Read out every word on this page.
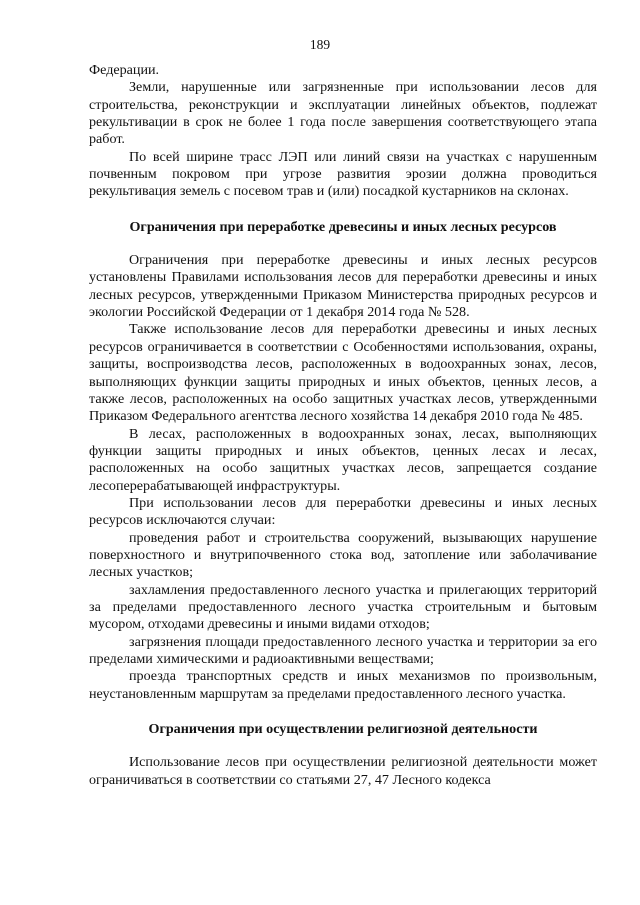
189

Федерации.

Земли, нарушенные или загрязненные при использовании лесов для строительства, реконструкции и эксплуатации линейных объектов, подлежат рекультивации в срок не более 1 года после завершения соответствующего этапа работ.

По всей ширине трасс ЛЭП или линий связи на участках с нарушенным почвенным покровом при угрозе развития эрозии должна проводиться рекультивация земель с посевом трав и (или) посадкой кустарников на склонах.

Ограничения при переработке древесины и иных лесных ресурсов

Ограничения при переработке древесины и иных лесных ресурсов установлены Правилами использования лесов для переработки древесины и иных лесных ресурсов, утвержденными Приказом Министерства природных ресурсов и экологии Российской Федерации от 1 декабря 2014 года № 528.

Также использование лесов для переработки древесины и иных лесных ресурсов ограничивается в соответствии с Особенностями использования, охраны, защиты, воспроизводства лесов, расположенных в водоохранных зонах, лесов, выполняющих функции защиты природных и иных объектов, ценных лесов, а также лесов, расположенных на особо защитных участках лесов, утвержденными Приказом Федерального агентства лесного хозяйства 14 декабря 2010 года № 485.

В лесах, расположенных в водоохранных зонах, лесах, выполняющих функции защиты природных и иных объектов, ценных лесах и лесах, расположенных на особо защитных участках лесов, запрещается создание лесоперерабатывающей инфраструктуры.

При использовании лесов для переработки древесины и иных лесных ресурсов исключаются случаи:

проведения работ и строительства сооружений, вызывающих нарушение поверхностного и внутрипочвенного стока вод, затопление или заболачивание лесных участков;

захламления предоставленного лесного участка и прилегающих территорий за пределами предоставленного лесного участка строительным и бытовым мусором, отходами древесины и иными видами отходов;

загрязнения площади предоставленного лесного участка и территории за его пределами химическими и радиоактивными веществами;

проезда транспортных средств и иных механизмов по произвольным, неустановленным маршрутам за пределами предоставленного лесного участка.

Ограничения при осуществлении религиозной деятельности

Использование лесов при осуществлении религиозной деятельности может ограничиваться в соответствии со статьями 27, 47 Лесного кодекса
